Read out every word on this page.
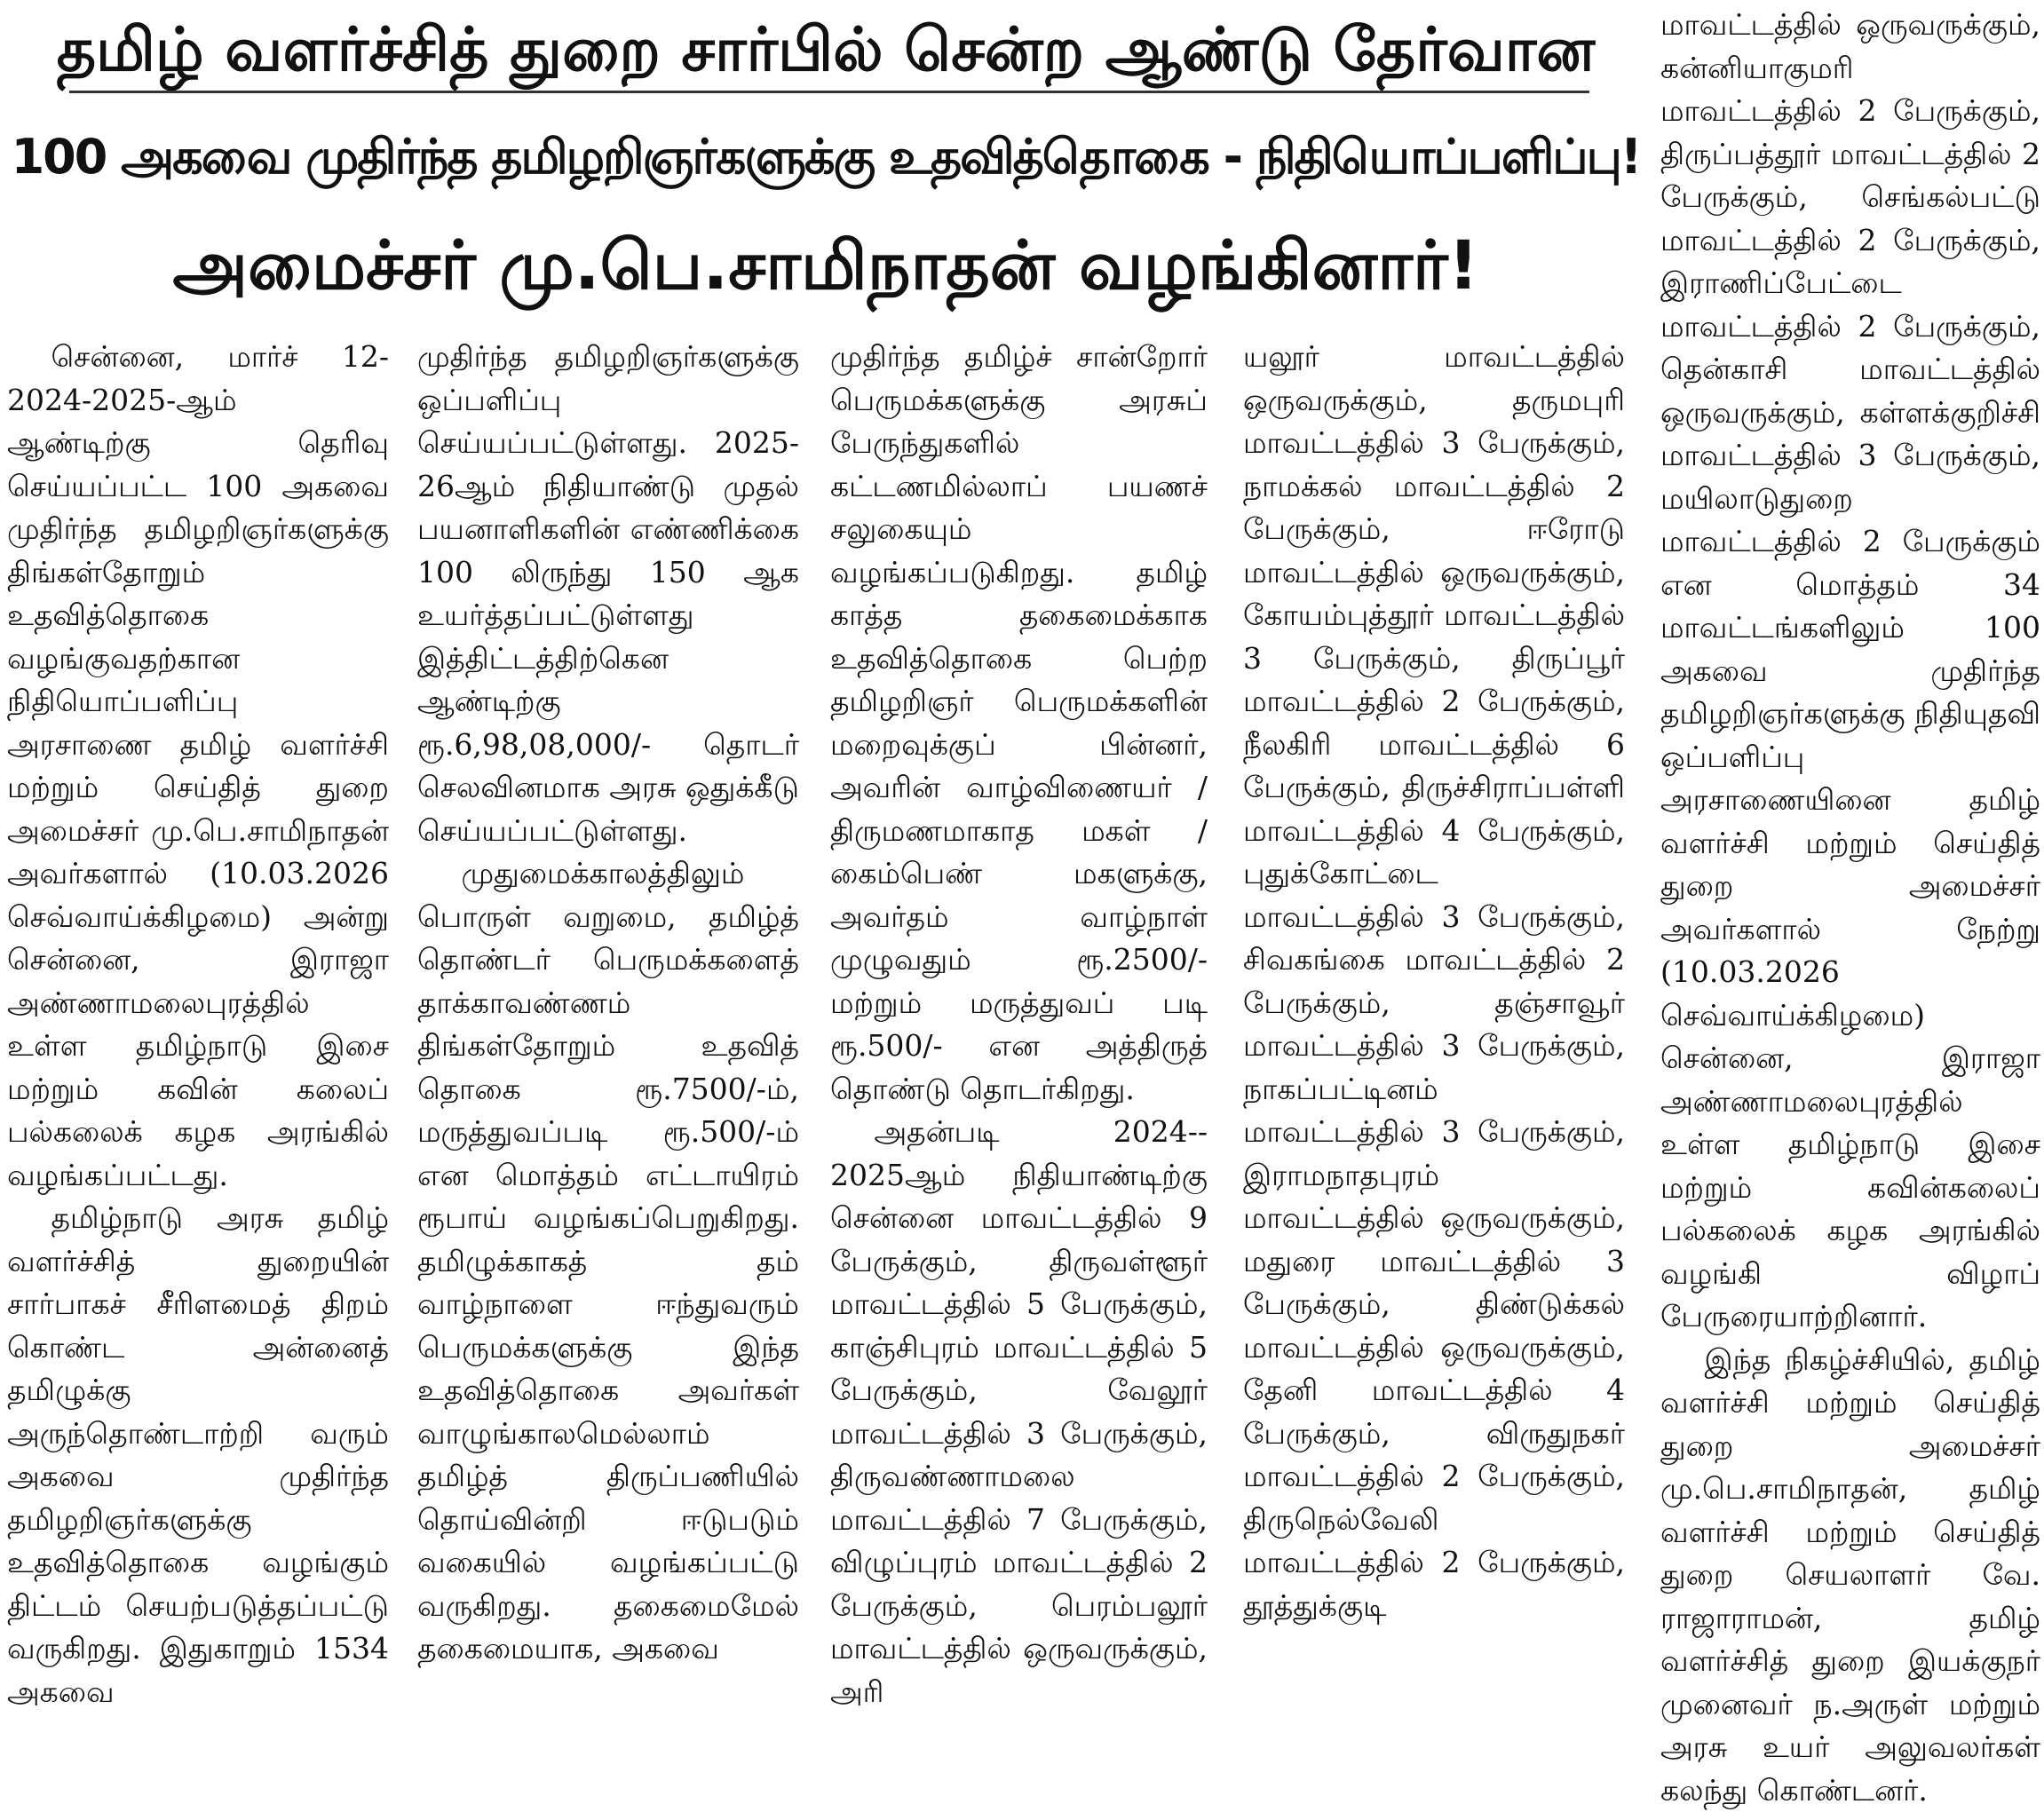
தமிழ் வளர்ச்சித் துறை சார்பில் சென்ற ஆண்டு தேர்வான
100 அகவை முதிர்ந்த தமிழறிஞர்களுக்கு உதவித்தொகை - நிதியொப்பளிப்பு!
அமைச்சர் மு.பெ.சாமிநாதன் வழங்கினார்!

சென்னை, மார்ச் 12- 2024-2025-ஆம் ஆண்டிற்கு தெரிவு செய்யப்பட்ட 100 அகவை முதிர்ந்த தமிழறிஞர்களுக்கு திங்கள்தோறும் உதவித்தொகை வழங்குவதற்கான நிதியொப்பளிப்பு அரசாணை தமிழ் வளர்ச்சி மற்றும் செய்தித் துறை அமைச்சர் மு.பெ.சாமிநாதன் அவர்களால் (10.03.2026 செவ்வாய்க்கிழமை) அன்று சென்னை, இராஜா அண்ணாமலைபுரத்தில் உள்ள தமிழ்நாடு இசை மற்றும் கவின் கலைப் பல்கலைக் கழக அரங்கில் வழங்கப்பட்டது.

தமிழ்நாடு அரசு தமிழ் வளர்ச்சித் துறையின் சார்பாகச் சீரிளமைத் திறம் கொண்ட அன்னைத் தமிழுக்கு அருந்தொண்டாற்றி வரும் அகவை முதிர்ந்த தமிழறிஞர்களுக்கு உதவித்தொகை வழங்கும் திட்டம் செயற்படுத்தப்பட்டு வருகிறது. இதுகாறும் 1534 அகவை

முதிர்ந்த தமிழறிஞர்களுக்கு ஒப்பளிப்பு செய்யப்பட்டுள்ளது. 2025-26ஆம் நிதியாண்டு முதல் பயனாளிகளின் எண்ணிக்கை 100 லிருந்து 150 ஆக உயர்த்தப்பட்டுள்ளது இத்திட்டத்திற்கென ஆண்டிற்கு ரூ.6,98,08,000/- தொடர் செலவினமாக அரசு ஒதுக்கீடு செய்யப்பட்டுள்ளது.

முதுமைக்காலத்திலும் பொருள் வறுமை, தமிழ்த் தொண்டர் பெருமக்களைத் தாக்காவண்ணம் திங்கள்தோறும் உதவித் தொகை ரூ.7500/-ம், மருத்துவப்படி ரூ.500/-ம் என மொத்தம் எட்டாயிரம் ரூபாய் வழங்கப்பெறுகிறது. தமிழுக்காகத் தம் வாழ்நாளை ஈந்துவரும் பெருமக்களுக்கு இந்த உதவித்தொகை அவர்கள் வாழுங்காலமெல்லாம் தமிழ்த் திருப்பணியில் தொய்வின்றி ஈடுபடும் வகையில் வழங்கப்பட்டு வருகிறது. தகைமைமேல் தகைமையாக, அகவை

முதிர்ந்த தமிழ்ச் சான்றோர் பெருமக்களுக்கு அரசுப் பேருந்துகளில் கட்டணமில்லாப் பயணச் சலுகையும் வழங்கப்படுகிறது. தமிழ் காத்த தகைமைக்காக உதவித்தொகை பெற்ற தமிழறிஞர் பெருமக்களின் மறைவுக்குப் பின்னர், அவரின் வாழ்விணையர் / திருமணமாகாத மகள் / கைம்பெண் மகளுக்கு, அவர்தம் வாழ்நாள் முழுவதும் ரூ.2500/- மற்றும் மருத்துவப் படி ரூ.500/- என அத்திருத் தொண்டு தொடர்கிறது.

அதன்படி 2024-- 2025ஆம் நிதியாண்டிற்கு சென்னை மாவட்டத்தில் 9 பேருக்கும், திருவள்ளூர் மாவட்டத்தில் 5 பேருக்கும், காஞ்சிபுரம் மாவட்டத்தில் 5 பேருக்கும், வேலூர் மாவட்டத்தில் 3 பேருக்கும், திருவண்ணாமலை மாவட்டத்தில் 7 பேருக்கும், விழுப்புரம் மாவட்டத்தில் 2 பேருக்கும், பெரம்பலூர் மாவட்டத்தில் ஒருவருக்கும், அரி

யலூர் மாவட்டத்தில் ஒருவருக்கும், தருமபுரி மாவட்டத்தில் 3 பேருக்கும், நாமக்கல் மாவட்டத்தில் 2 பேருக்கும், ஈரோடு மாவட்டத்தில் ஒருவருக்கும், கோயம்புத்தூர் மாவட்டத்தில் 3 பேருக்கும், திருப்பூர் மாவட்டத்தில் 2 பேருக்கும், நீலகிரி மாவட்டத்தில் 6 பேருக்கும், திருச்சிராப்பள்ளி மாவட்டத்தில் 4 பேருக்கும், புதுக்கோட்டை மாவட்டத்தில் 3 பேருக்கும், சிவகங்கை மாவட்டத்தில் 2 பேருக்கும், தஞ்சாவூர் மாவட்டத்தில் 3 பேருக்கும், நாகப்பட்டினம் மாவட்டத்தில் 3 பேருக்கும், இராமநாதபுரம் மாவட்டத்தில் ஒருவருக்கும், மதுரை மாவட்டத்தில் 3 பேருக்கும், திண்டுக்கல் மாவட்டத்தில் ஒருவருக்கும், தேனி மாவட்டத்தில் 4 பேருக்கும், விருதுநகர் மாவட்டத்தில் 2 பேருக்கும், திருநெல்வேலி மாவட்டத்தில் 2 பேருக்கும், தூத்துக்குடி

மாவட்டத்தில் ஒருவருக்கும், கன்னியாகுமரி மாவட்டத்தில் 2 பேருக்கும், திருப்பத்தூர் மாவட்டத்தில் 2 பேருக்கும், செங்கல்பட்டு மாவட்டத்தில் 2 பேருக்கும், இராணிப்பேட்டை மாவட்டத்தில் 2 பேருக்கும், தென்காசி மாவட்டத்தில் ஒருவருக்கும், கள்ளக்குறிச்சி மாவட்டத்தில் 3 பேருக்கும், மயிலாடுதுறை மாவட்டத்தில் 2 பேருக்கும் என மொத்தம் 34 மாவட்டங்களிலும் 100 அகவை முதிர்ந்த தமிழறிஞர்களுக்கு நிதியுதவி ஒப்பளிப்பு அரசாணையினை தமிழ் வளர்ச்சி மற்றும் செய்தித் துறை அமைச்சர் அவர்களால் நேற்று (10.03.2026 செவ்வாய்க்கிழமை) சென்னை, இராஜா அண்ணாமலைபுரத்தில் உள்ள தமிழ்நாடு இசை மற்றும் கவின்கலைப் பல்கலைக் கழக அரங்கில் வழங்கி விழாப் பேருரையாற்றினார்.

இந்த நிகழ்ச்சியில், தமிழ் வளர்ச்சி மற்றும் செய்தித் துறை அமைச்சர் மு.பெ.சாமிநாதன், தமிழ் வளர்ச்சி மற்றும் செய்தித் துறை செயலாளர் வே. ராஜாராமன், தமிழ் வளர்ச்சித் துறை இயக்குநர் முனைவர் ந.அருள் மற்றும் அரசு உயர் அலுவலர்கள் கலந்து கொண்டனர்.
